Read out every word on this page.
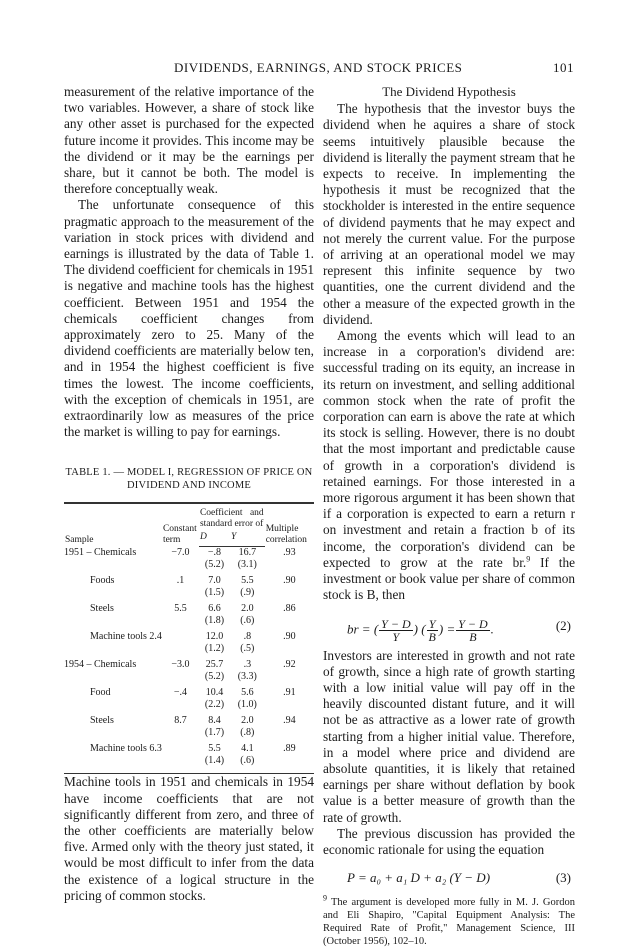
DIVIDENDS, EARNINGS, AND STOCK PRICES	101

measurement of the relative importance of the two variables. However, a share of stock like any other asset is purchased for the expected future income it provides. This income may be the dividend or it may be the earnings per share, but it cannot be both. The model is therefore conceptually weak.

The unfortunate consequence of this pragmatic approach to the measurement of the variation in stock prices with dividend and earnings is illustrated by the data of Table 1. The dividend coefficient for chemicals in 1951 is negative and machine tools has the highest coefficient. Between 1951 and 1954 the chemicals coefficient changes from approximately zero to 25. Many of the dividend coefficients are materially below ten, and in 1954 the highest coefficient is five times the lowest. The income coefficients, with the exception of chemicals in 1951, are extraordinarily low as measures of the price the market is willing to pay for earnings.

TABLE 1. — MODEL I, REGRESSION OF PRICE ON
DIVIDEND AND INCOME
Sample	Constant term	Coefficient and standard error of		Multiple correlation
		D	Y	
1951 – Chemicals	−7.0	−.8	16.7	.93
		(5.2)	(3.1)	
Foods	.1	7.0	5.5	.90
		(1.5)	(.9)	
Steels	5.5	6.6	2.0	.86
		(1.8)	(.6)	
Machine tools 2.4		12.0	.8	.90
		(1.2)	(.5)	
1954 – Chemicals	−3.0	25.7	.3	.92
		(5.2)	(3.3)	
Food	−.4	10.4	5.6	.91
		(2.2)	(1.0)	
Steels	8.7	8.4	2.0	.94
		(1.7)	(.8)	
Machine tools 6.3		5.5	4.1	.89
		(1.4)	(.6)	

Machine tools in 1951 and chemicals in 1954 have income coefficients that are not significantly different from zero, and three of the other coefficients are materially below five. Armed only with the theory just stated, it would be most difficult to infer from the data the existence of a logical structure in the pricing of common stocks.

The Dividend Hypothesis

The hypothesis that the investor buys the dividend when he aquires a share of stock seems intuitively plausible because the dividend is literally the payment stream that he expects to receive. In implementing the hypothesis it must be recognized that the stockholder is interested in the entire sequence of dividend payments that he may expect and not merely the current value. For the purpose of arriving at an operational model we may represent this infinite sequence by two quantities, one the current dividend and the other a measure of the expected growth in the dividend.

Among the events which will lead to an increase in a corporation's dividend are: successful trading on its equity, an increase in its return on investment, and selling additional common stock when the rate of profit the corporation can earn is above the rate at which its stock is selling. However, there is no doubt that the most important and predictable cause of growth in a corporation's dividend is retained earnings. For those interested in a more rigorous argument it has been shown that if a corporation is expected to earn a return r on investment and retain a fraction b of its income, the corporation's dividend can be expected to grow at the rate br.$^9$ If the investment or book value per share of common stock is B, then

br = ( $\frac{Y - D}{Y}$ ) ( $\frac{Y}{B}$ ) = $\frac{Y - D}{B}$ .	(2)

Investors are interested in growth and not rate of growth, since a high rate of growth starting with a low initial value will pay off in the heavily discounted distant future, and it will not be as attractive as a lower rate of growth starting from a higher initial value. Therefore, in a model where price and dividend are absolute quantities, it is likely that retained earnings per share without deflation by book value is a better measure of growth than the rate of growth.

The previous discussion has provided the economic rationale for using the equation

P = a₀ + a₁ D + a₂ (Y − D)	(3)
$^9$ The argument is developed more fully in M. J. Gordon and Eli Shapiro, "Capital Equipment Analysis: The Required Rate of Profit," Management Science, III (October 1956), 102–10.
